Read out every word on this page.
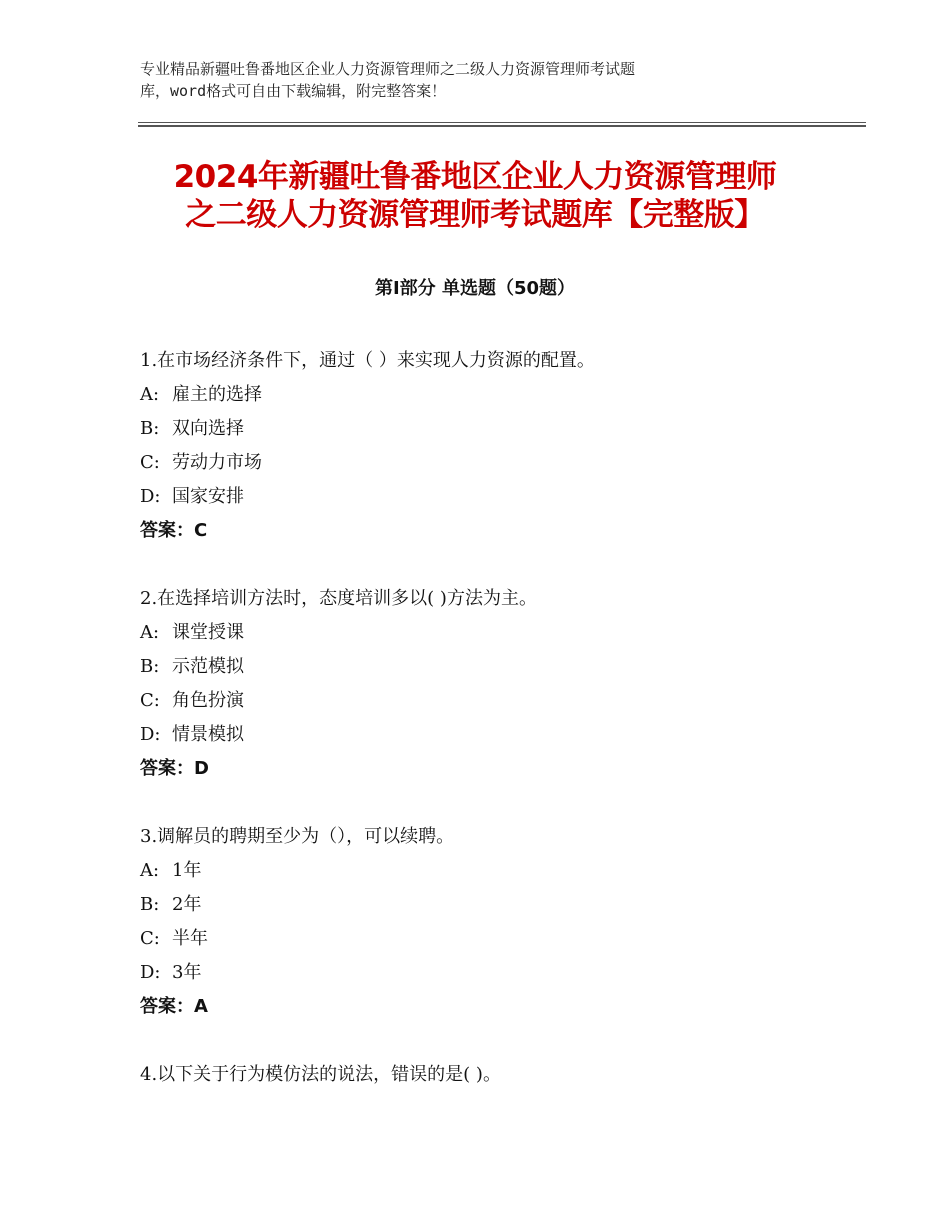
专业精品新疆吐鲁番地区企业人力资源管理师之二级人力资源管理师考试题
库，word格式可自由下载编辑，附完整答案！
2024年新疆吐鲁番地区企业人力资源管理师
之二级人力资源管理师考试题库【完整版】
第Ⅰ部分 单选题（50题）
1.在市场经济条件下，通过（ ）来实现人力资源的配置。
A: 雇主的选择
B: 双向选择
C: 劳动力市场
D: 国家安排
答案：C
2.在选择培训方法时，态度培训多以( )方法为主。
A: 课堂授课
B: 示范模拟
C: 角色扮演
D: 情景模拟
答案：D
3.调解员的聘期至少为（），可以续聘。
A: 1年
B: 2年
C: 半年
D: 3年
答案：A
4.以下关于行为模仿法的说法，错误的是( )。
